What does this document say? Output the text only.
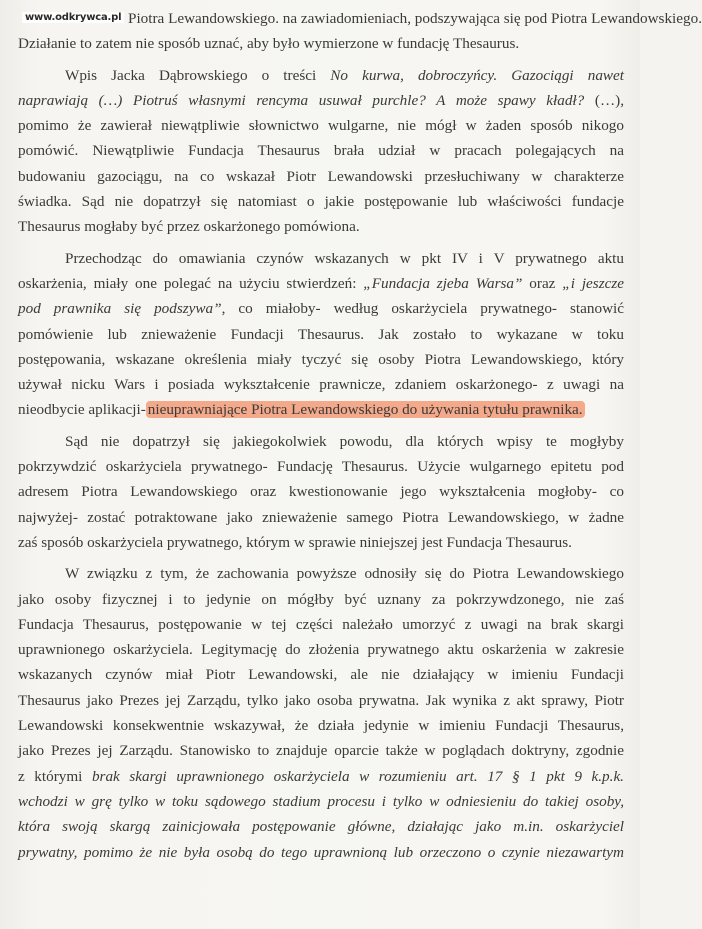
www.odkrywca.pl Piotra Lewandowskiego. na zawiadomieniach, podszywająca się pod Piotra Lewandowskiego.
Działanie to zatem nie sposób uznać, aby było wymierzone w fundację Thesaurus.
Wpis Jacka Dąbrowskiego o treści No kurwa, dobroczyńcy. Gazociągi nawet
naprawiają (…) Piotruś własnymi rencyma usuwał purchle? A może spawy kładł? (…),
pomimo że zawierał niewątpliwie słownictwo wulgarne, nie mógł w żaden sposób nikogo
pomówić. Niewątpliwie Fundacja Thesaurus brała udział w pracach polegających na
budowaniu gazociągu, na co wskazał Piotr Lewandowski przesłuchiwany w charakterze
świadka. Sąd nie dopatrzył się natomiast o jakie postępowanie lub właściwości fundacje
Thesaurus mogłaby być przez oskarżonego pomówiona.
Przechodząc do omawiania czynów wskazanych w pkt IV i V prywatnego aktu
oskarżenia, miały one polegać na użyciu stwierdzeń: „Fundacja zjeba Warsa” oraz „i jeszcze
pod prawnika się podszywa”, co miałoby- według oskarżyciela prywatnego- stanowić
pomówienie lub znieważenie Fundacji Thesaurus. Jak zostało to wykazane w toku
postępowania, wskazane określenia miały tyczyć się osoby Piotra Lewandowskiego, który
używał nicku Wars i posiada wykształcenie prawnicze, zdaniem oskarżonego- z uwagi na
nieodbycie aplikacji- nieuprawniające Piotra Lewandowskiego do używania tytułu prawnika.
Sąd nie dopatrzył się jakiegokolwiek powodu, dla których wpisy te mogłyby
pokrzywdzić oskarżyciela prywatnego- Fundację Thesaurus. Użycie wulgarnego epitetu pod
adresem Piotra Lewandowskiego oraz kwestionowanie jego wykształcenia mogłoby- co
najwyżej- zostać potraktowane jako znieważenie samego Piotra Lewandowskiego, w żadne
zaś sposób oskarżyciela prywatnego, którym w sprawie niniejszej jest Fundacja Thesaurus.
W związku z tym, że zachowania powyższe odnosiły się do Piotra Lewandowskiego
jako osoby fizycznej i to jedynie on mógłby być uznany za pokrzywdzonego, nie zaś
Fundacja Thesaurus, postępowanie w tej części należało umorzyć z uwagi na brak skargi
uprawnionego oskarżyciela. Legitymację do złożenia prywatnego aktu oskarżenia w zakresie
wskazanych czynów miał Piotr Lewandowski, ale nie działający w imieniu Fundacji
Thesaurus jako Prezes jej Zarządu, tylko jako osoba prywatna. Jak wynika z akt sprawy, Piotr
Lewandowski konsekwentnie wskazywał, że działa jedynie w imieniu Fundacji Thesaurus,
jako Prezes jej Zarządu. Stanowisko to znajduje oparcie także w poglądach doktryny, zgodnie
z którymi brak skargi uprawnionego oskarżyciela w rozumieniu art. 17 § 1 pkt 9 k.p.k.
wchodzi w grę tylko w toku sądowego stadium procesu i tylko w odniesieniu do takiej osoby,
która swoją skargą zainicjowała postępowanie główne, działając jako m.in. oskarżyciel
prywatny, pomimo że nie była osobą do tego uprawnioną lub orzeczono o czynie niezawartym
